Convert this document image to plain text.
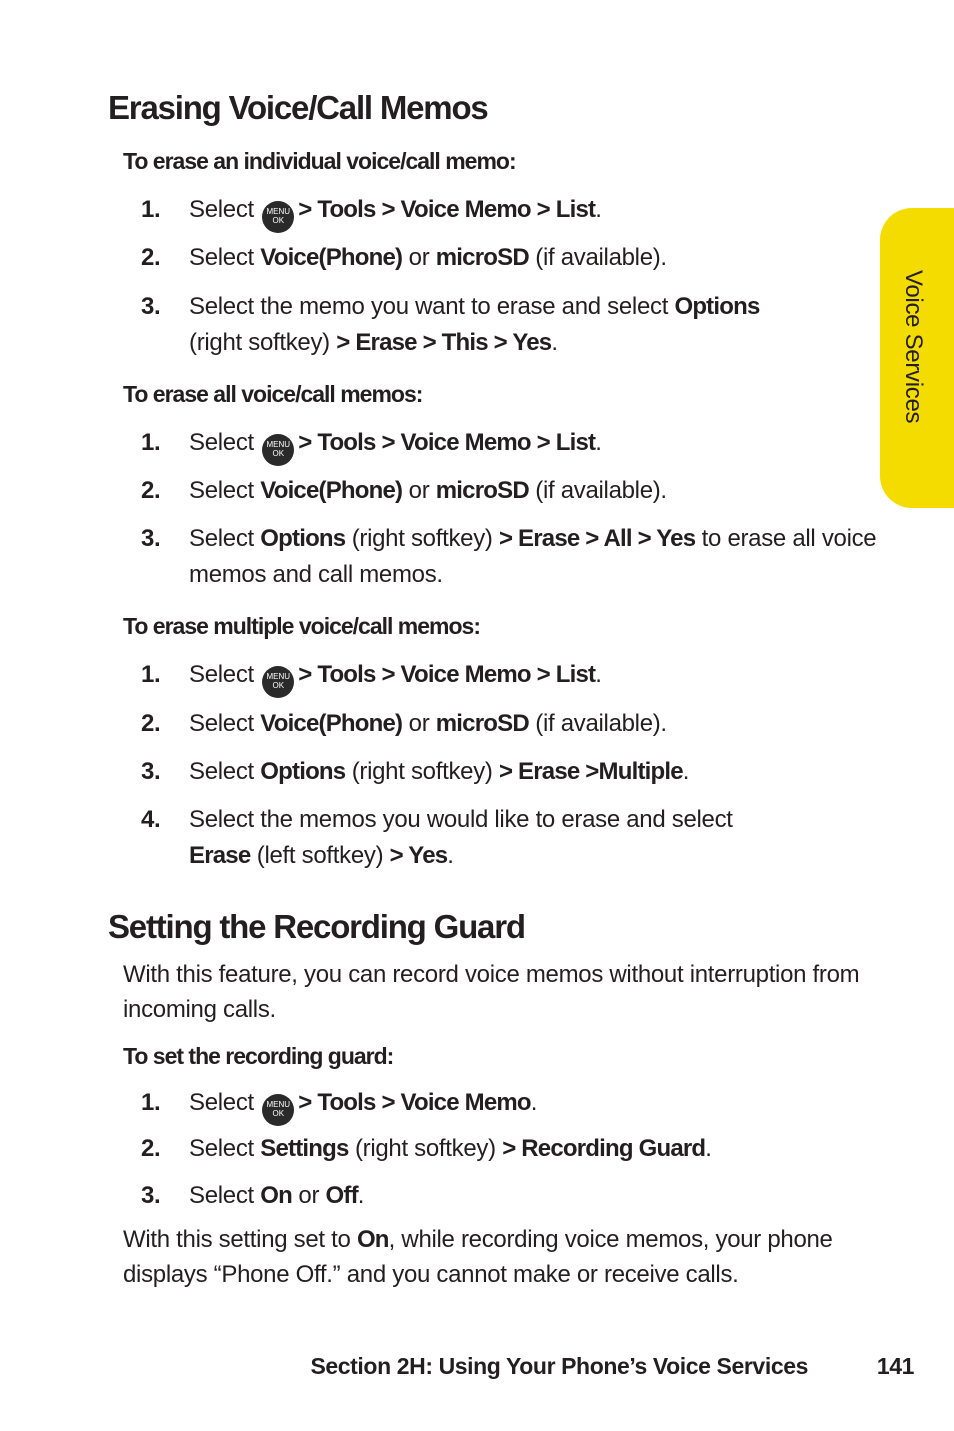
Voice Services
Erasing Voice/Call Memos
To erase an individual voice/call memo:
1. Select	MENU
OK > Tools > Voice Memo > List.
2. Select Voice(Phone) or microSD (if available).
3. Select the memo you want to erase and select Options
(right softkey) > Erase > This > Yes.
To erase all voice/call memos:
1. Select	MENU
OK > Tools > Voice Memo > List.
2. Select Voice(Phone) or microSD (if available).
3. Select Options (right softkey) > Erase > All > Yes to erase all voice memos and call memos.
To erase multiple voice/call memos:
1. Select	MENU
OK > Tools > Voice Memo > List.
2. Select Voice(Phone) or microSD (if available).
3. Select Options (right softkey) > Erase >Multiple.
4. Select the memos you would like to erase and select
Erase (left softkey) > Yes.
Setting the Recording Guard
With this feature, you can record voice memos without interruption from incoming calls.
To set the recording guard:
1. Select	MENU
OK > Tools > Voice Memo.
2. Select Settings (right softkey) > Recording Guard.
3. Select On or Off.
With this setting set to On, while recording voice memos, your phone displays “Phone Off.” and you cannot make or receive calls.
Section 2H: Using Your Phone’s Voice Services	141
